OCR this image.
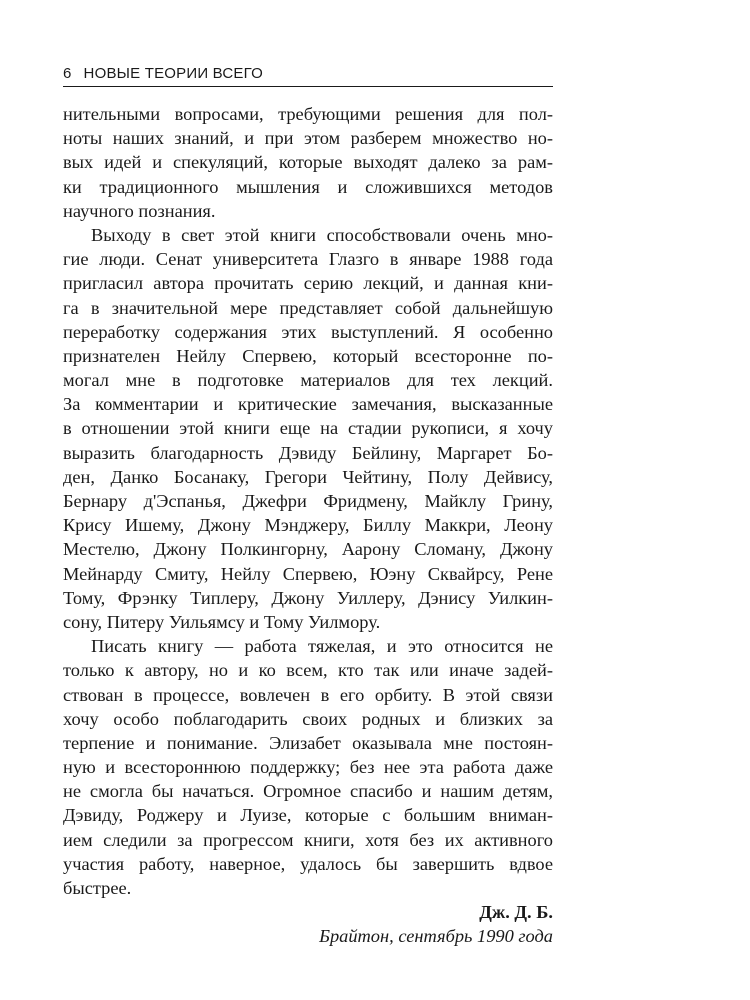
6 НОВЫЕ ТЕОРИИ ВСЕГО
нительными вопросами, требующими решения для пол-
ноты наших знаний, и при этом разберем множество но-
вых идей и спекуляций, которые выходят далеко за рам-
ки традиционного мышления и сложившихся методов
научного познания.
Выходу в свет этой книги способствовали очень мно-
гие люди. Сенат университета Глазго в январе 1988 года
пригласил автора прочитать серию лекций, и данная кни-
га в значительной мере представляет собой дальнейшую
переработку содержания этих выступлений. Я особенно
признателен Нейлу Спервею, который всесторонне по-
могал мне в подготовке материалов для тех лекций.
За комментарии и критические замечания, высказанные
в отношении этой книги еще на стадии рукописи, я хочу
выразить благодарность Дэвиду Бейлину, Маргарет Бо-
ден, Данко Босанаку, Грегори Чейтину, Полу Дейвису,
Бернару д'Эспанья, Джефри Фридмену, Майклу Грину,
Крису Ишему, Джону Мэнджеру, Биллу Маккри, Леону
Местелю, Джону Полкингорну, Аарону Сломану, Джону
Мейнарду Смиту, Нейлу Спервею, Юэну Сквайрсу, Рене
Тому, Фрэнку Типлеру, Джону Уиллеру, Дэнису Уилкин-
сону, Питеру Уильямсу и Тому Уилмору.
Писать книгу — работа тяжелая, и это относится не
только к автору, но и ко всем, кто так или иначе задей-
ствован в процессе, вовлечен в его орбиту. В этой связи
хочу особо поблагодарить своих родных и близких за
терпение и понимание. Элизабет оказывала мне постоян-
ную и всестороннюю поддержку; без нее эта работа даже
не смогла бы начаться. Огромное спасибо и нашим детям,
Дэвиду, Роджеру и Луизе, которые с большим вниман-
ием следили за прогрессом книги, хотя без их активного
участия работу, наверное, удалось бы завершить вдвое
быстрее.
Дж. Д. Б.
Брайтон, сентябрь 1990 года
